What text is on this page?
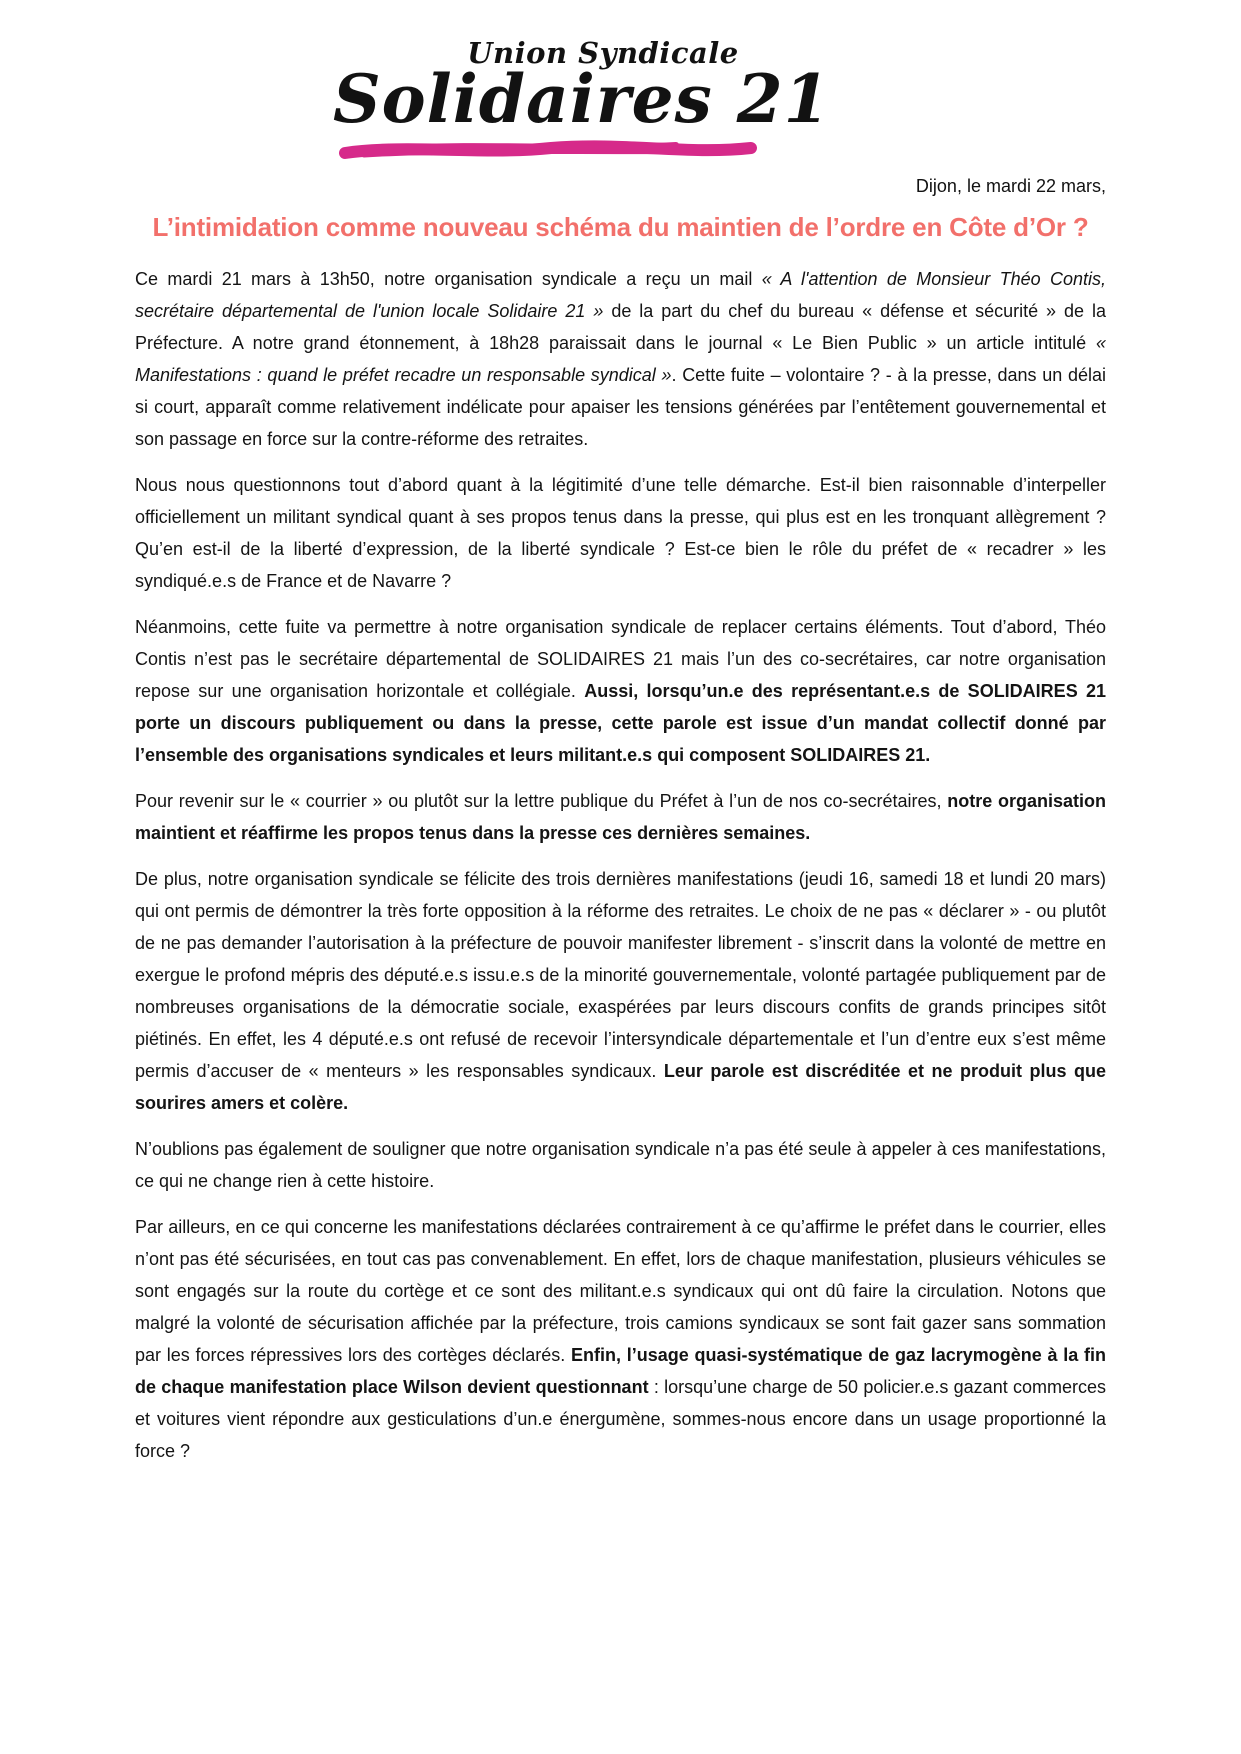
Union Syndicale
Solidaires 21
Dijon, le mardi 22 mars,
L’intimidation comme nouveau schéma du maintien de l’ordre en Côte d’Or ?

Ce mardi 21 mars à 13h50, notre organisation syndicale a reçu un mail « A l'attention de Monsieur Théo Contis, secrétaire départemental de l'union locale Solidaire 21 » de la part du chef du bureau « défense et sécurité » de la Préfecture. A notre grand étonnement, à 18h28 paraissait dans le journal « Le Bien Public » un article intitulé « Manifestations : quand le préfet recadre un responsable syndical ». Cette fuite – volontaire ? - à la presse, dans un délai si court, apparaît comme relativement indélicate pour apaiser les tensions générées par l’entêtement gouvernemental et son passage en force sur la contre-réforme des retraites.

Nous nous questionnons tout d’abord quant à la légitimité d’une telle démarche. Est-il bien raisonnable d’interpeller officiellement un militant syndical quant à ses propos tenus dans la presse, qui plus est en les tronquant allègrement ? Qu’en est-il de la liberté d’expression, de la liberté syndicale ? Est-ce bien le rôle du préfet de « recadrer » les syndiqué.e.s de France et de Navarre ?

Néanmoins, cette fuite va permettre à notre organisation syndicale de replacer certains éléments. Tout d’abord, Théo Contis n’est pas le secrétaire départemental de SOLIDAIRES 21 mais l’un des co-secrétaires, car notre organisation repose sur une organisation horizontale et collégiale. Aussi, lorsqu’un.e des représentant.e.s de SOLIDAIRES 21 porte un discours publiquement ou dans la presse, cette parole est issue d’un mandat collectif donné par l’ensemble des organisations syndicales et leurs militant.e.s qui composent SOLIDAIRES 21.

Pour revenir sur le « courrier » ou plutôt sur la lettre publique du Préfet à l’un de nos co-secrétaires, notre organisation maintient et réaffirme les propos tenus dans la presse ces dernières semaines.

De plus, notre organisation syndicale se félicite des trois dernières manifestations (jeudi 16, samedi 18 et lundi 20 mars) qui ont permis de démontrer la très forte opposition à la réforme des retraites. Le choix de ne pas « déclarer » - ou plutôt de ne pas demander l’autorisation à la préfecture de pouvoir manifester librement - s’inscrit dans la volonté de mettre en exergue le profond mépris des député.e.s issu.e.s de la minorité gouvernementale, volonté partagée publiquement par de nombreuses organisations de la démocratie sociale, exaspérées par leurs discours confits de grands principes sitôt piétinés. En effet, les 4 député.e.s ont refusé de recevoir l’intersyndicale départementale et l’un d’entre eux s’est même permis d’accuser de « menteurs » les responsables syndicaux. Leur parole est discréditée et ne produit plus que sourires amers et colère.

N’oublions pas également de souligner que notre organisation syndicale n’a pas été seule à appeler à ces manifestations, ce qui ne change rien à cette histoire.

Par ailleurs, en ce qui concerne les manifestations déclarées contrairement à ce qu’affirme le préfet dans le courrier, elles n’ont pas été sécurisées, en tout cas pas convenablement. En effet, lors de chaque manifestation, plusieurs véhicules se sont engagés sur la route du cortège et ce sont des militant.e.s syndicaux qui ont dû faire la circulation. Notons que malgré la volonté de sécurisation affichée par la préfecture, trois camions syndicaux se sont fait gazer sans sommation par les forces répressives lors des cortèges déclarés. Enfin, l’usage quasi-systématique de gaz lacrymogène à la fin de chaque manifestation place Wilson devient questionnant : lorsqu’une charge de 50 policier.e.s gazant commerces et voitures vient répondre aux gesticulations d’un.e énergumène, sommes-nous encore dans un usage proportionné la force ?
